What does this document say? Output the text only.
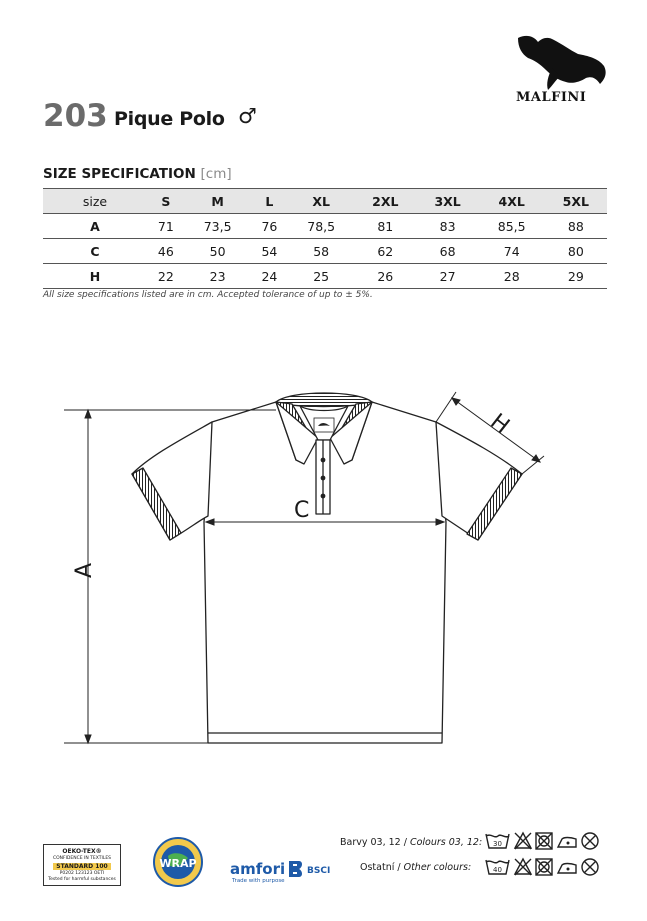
MALFINI
203 Pique Polo ♂
SIZE SPECIFICATION [cm]
size	S	M	L	XL	2XL	3XL	4XL	5XL
A	71	73,5	76	78,5	81	83	85,5	88
C	46	50	54	58	62	68	74	80
H	22	23	24	25	26	27	28	29
All size specifications listed are in cm. Accepted tolerance of up to ± 5%.
A
C
H
OEKO-TEX®
CONFIDENCE IN TEXTILES
STANDARD 100
P0202 123123 OETI
Tested for harmful substances
WRAP amfori
Trade with purpose
BSCI
Barvy 03, 12 / Colours 03, 12:
Ostatní / Other colours:
30
40
